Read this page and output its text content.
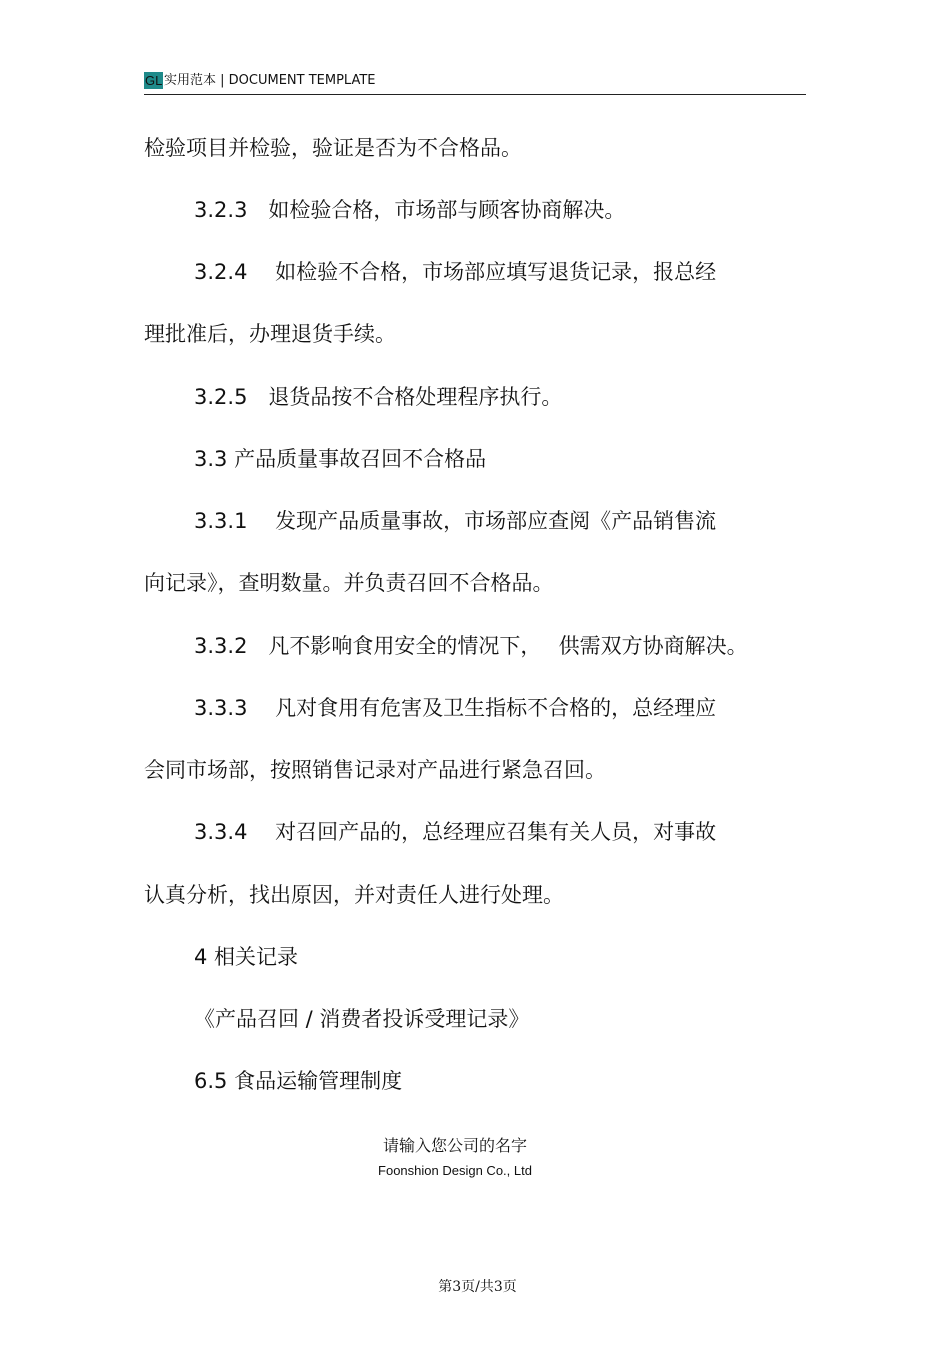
GL 实用范本 | DOCUMENT TEMPLATE
检验项目并检验，验证是否为不合格品。
3.2.3　如检验合格，市场部与顾客协商解决。
3.2.4　 如检验不合格，市场部应填写退货记录，报总经
理批准后，办理退货手续。
3.2.5　退货品按不合格处理程序执行。
3.3 产品质量事故召回不合格品
3.3.1　 发现产品质量事故，市场部应查阅《产品销售流
向记录》，查明数量。并负责召回不合格品。
3.3.2　凡不影响食用安全的情况下，　 供需双方协商解决。
3.3.3　 凡对食用有危害及卫生指标不合格的，总经理应
会同市场部，按照销售记录对产品进行紧急召回。
3.3.4　 对召回产品的，总经理应召集有关人员，对事故
认真分析，找出原因，并对责任人进行处理。
4 相关记录
《产品召回 / 消费者投诉受理记录》
6.5 食品运输管理制度
请输入您公司的名字
Foonshion Design Co., Ltd
第3页/共3页
